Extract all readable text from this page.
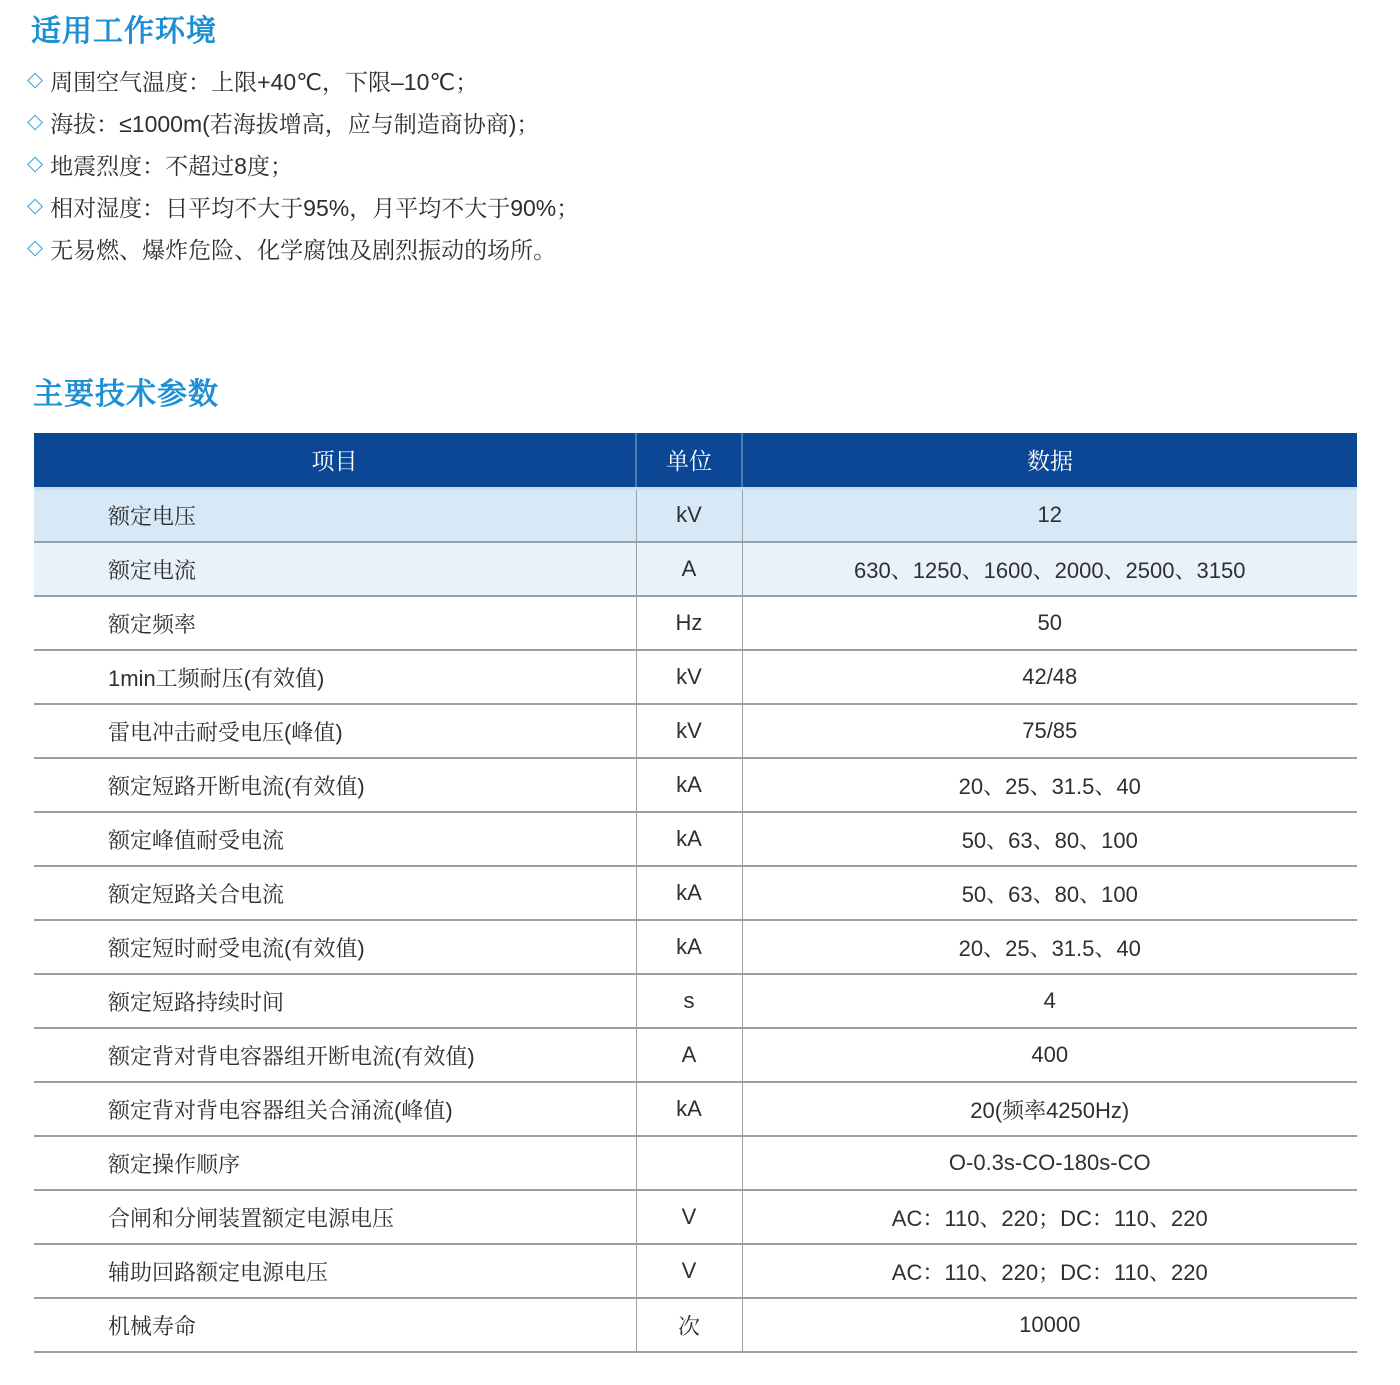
适用工作环境
◇ 周围空气温度：上限+40℃，下限–10℃；
◇ 海拔：≤1000m(若海拔增高，应与制造商协商)；
◇ 地震烈度：不超过8度；
◇ 相对湿度：日平均不大于95%，月平均不大于90%；
◇ 无易燃、爆炸危险、化学腐蚀及剧烈振动的场所。
主要技术参数
项目	单位	数据
额定电压	kV	12
额定电流	A	630、1250、1600、2000、2500、3150
额定频率	Hz	50
1min工频耐压(有效值)	kV	42/48
雷电冲击耐受电压(峰值)	kV	75/85
额定短路开断电流(有效值)	kA	20、25、31.5、40
额定峰值耐受电流	kA	50、63、80、100
额定短路关合电流	kA	50、63、80、100
额定短时耐受电流(有效值)	kA	20、25、31.5、40
额定短路持续时间	s	4
额定背对背电容器组开断电流(有效值)	A	400
额定背对背电容器组关合涌流(峰值)	kA	20(频率4250Hz)
额定操作顺序		O-0.3s-CO-180s-CO
合闸和分闸装置额定电源电压	V	AC：110、220；DC：110、220
辅助回路额定电源电压	V	AC：110、220；DC：110、220
机械寿命	次	10000
